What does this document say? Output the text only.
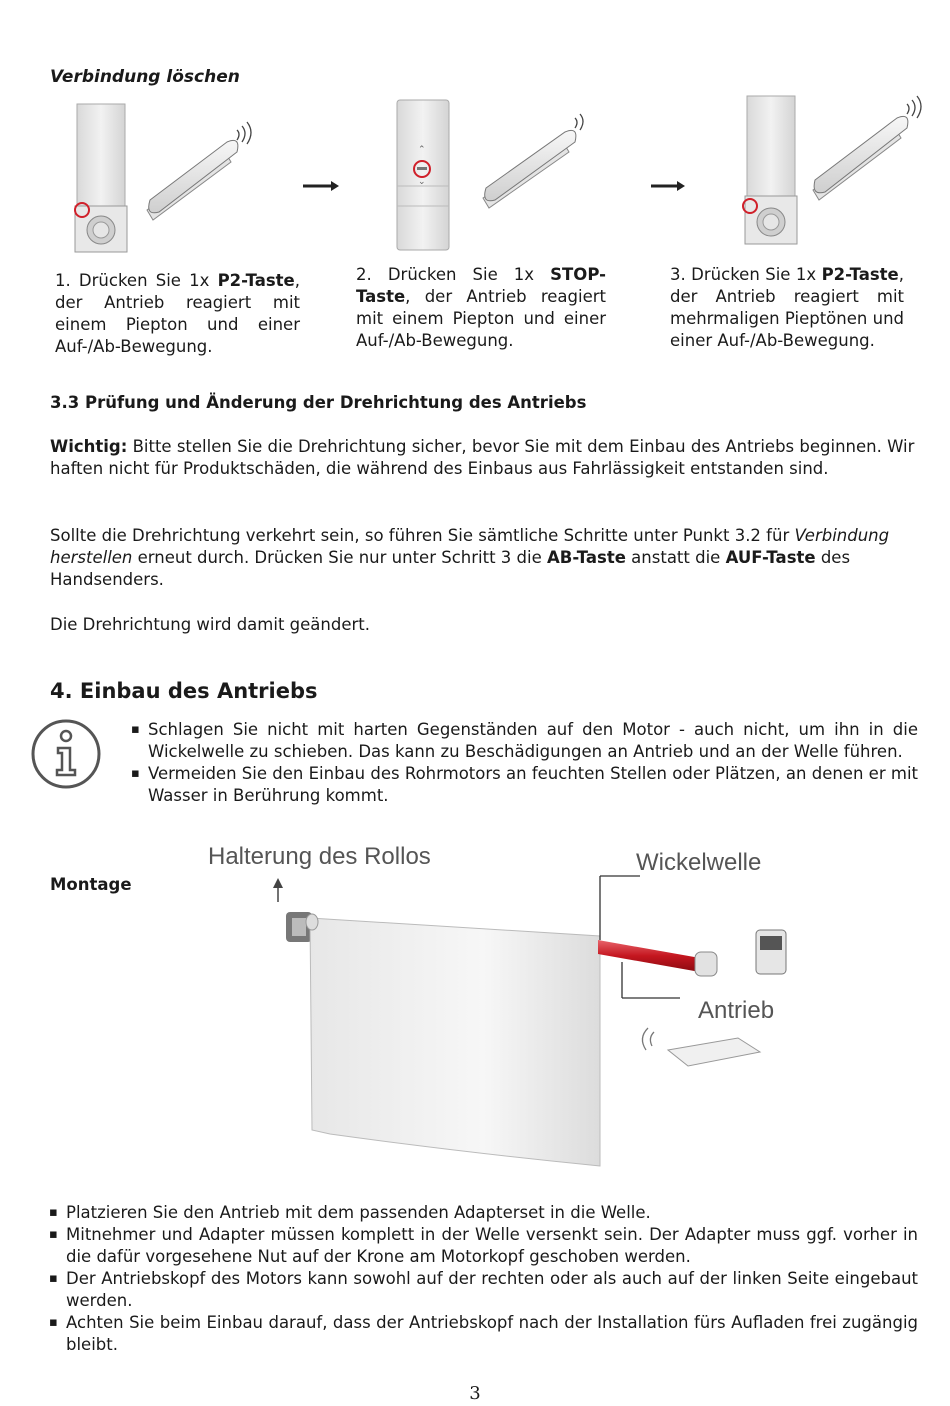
Verbindung löschen
⌃
⌄
1. Drücken Sie 1x P2-Taste, der Antrieb reagiert mit einem Piepton und einer Auf-/Ab-Bewegung.
2. Drücken Sie 1x STOP-Taste, der Antrieb reagiert mit einem Piepton und einer Auf-/Ab-Bewegung.
3. Drücken Sie 1x P2-Taste, der Antrieb reagiert mit mehrmaligen Pieptönen und einer Auf-/Ab-Bewegung.
3.3 Prüfung und Änderung der Drehrichtung des Antriebs
Wichtig: Bitte stellen Sie die Drehrichtung sicher, bevor Sie mit dem Einbau des Antriebs beginnen. Wir haften nicht für Produktschäden, die während des Einbaus aus Fahrlässigkeit entstanden sind.
Sollte die Drehrichtung verkehrt sein, so führen Sie sämtliche Schritte unter Punkt 3.2 für Verbindung herstellen erneut durch. Drücken Sie nur unter Schritt 3 die AB-Taste anstatt die AUF-Taste des Handsenders.
Die Drehrichtung wird damit geändert.
4. Einbau des Antriebs
▪ Schlagen Sie nicht mit harten Gegenständen auf den Motor - auch nicht, um ihn in die Wickelwelle zu schieben. Das kann zu Beschädigungen an Antrieb und an der Welle führen.
▪ Vermeiden Sie den Einbau des Rohrmotors an feuchten Stellen oder Plätzen, an denen er mit Wasser in Berührung kommt.
Montage
Halterung des Rollos	Wickelwelle
Antrieb
▪ Platzieren Sie den Antrieb mit dem passenden Adapterset in die Welle.
▪ Mitnehmer und Adapter müssen komplett in der Welle versenkt sein. Der Adapter muss ggf. vorher in die dafür vorgesehene Nut auf der Krone am Motorkopf geschoben werden.
▪ Der Antriebskopf des Motors kann sowohl auf der rechten oder als auch auf der linken Seite eingebaut werden.
▪ Achten Sie beim Einbau darauf, dass der Antriebskopf nach der Installation fürs Aufladen frei zugängig bleibt.
3
